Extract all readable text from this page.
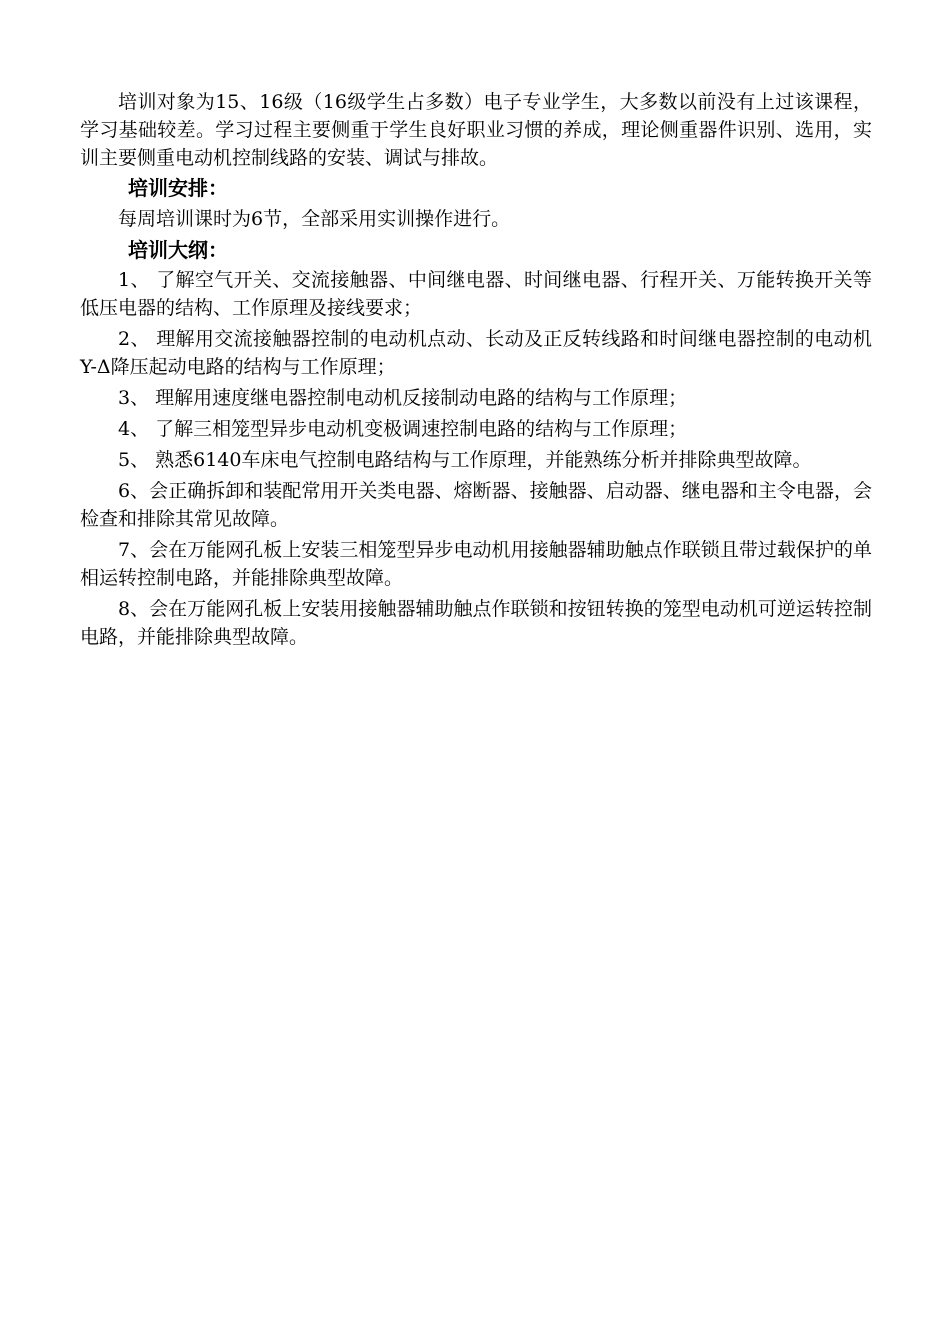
培训对象为15、16级（16级学生占多数）电子专业学生，大多数以前没有上过该课程，学习基础较差。学习过程主要侧重于学生良好职业习惯的养成，理论侧重器件识别、选用，实训主要侧重电动机控制线路的安装、调试与排故。

培训安排：

每周培训课时为6节，全部采用实训操作进行。

培训大纲：

1、 了解空气开关、交流接触器、中间继电器、时间继电器、行程开关、万能转换开关等低压电器的结构、工作原理及接线要求；

2、 理解用交流接触器控制的电动机点动、长动及正反转线路和时间继电器控制的电动机Y-Δ降压起动电路的结构与工作原理；

3、 理解用速度继电器控制电动机反接制动电路的结构与工作原理；

4、 了解三相笼型异步电动机变极调速控制电路的结构与工作原理；

5、 熟悉6140车床电气控制电路结构与工作原理，并能熟练分析并排除典型故障。

6、会正确拆卸和装配常用开关类电器、熔断器、接触器、启动器、继电器和主令电器，会检查和排除其常见故障。

7、会在万能网孔板上安装三相笼型异步电动机用接触器辅助触点作联锁且带过载保护的单相运转控制电路，并能排除典型故障。

8、会在万能网孔板上安装用接触器辅助触点作联锁和按钮转换的笼型电动机可逆运转控制电路，并能排除典型故障。
